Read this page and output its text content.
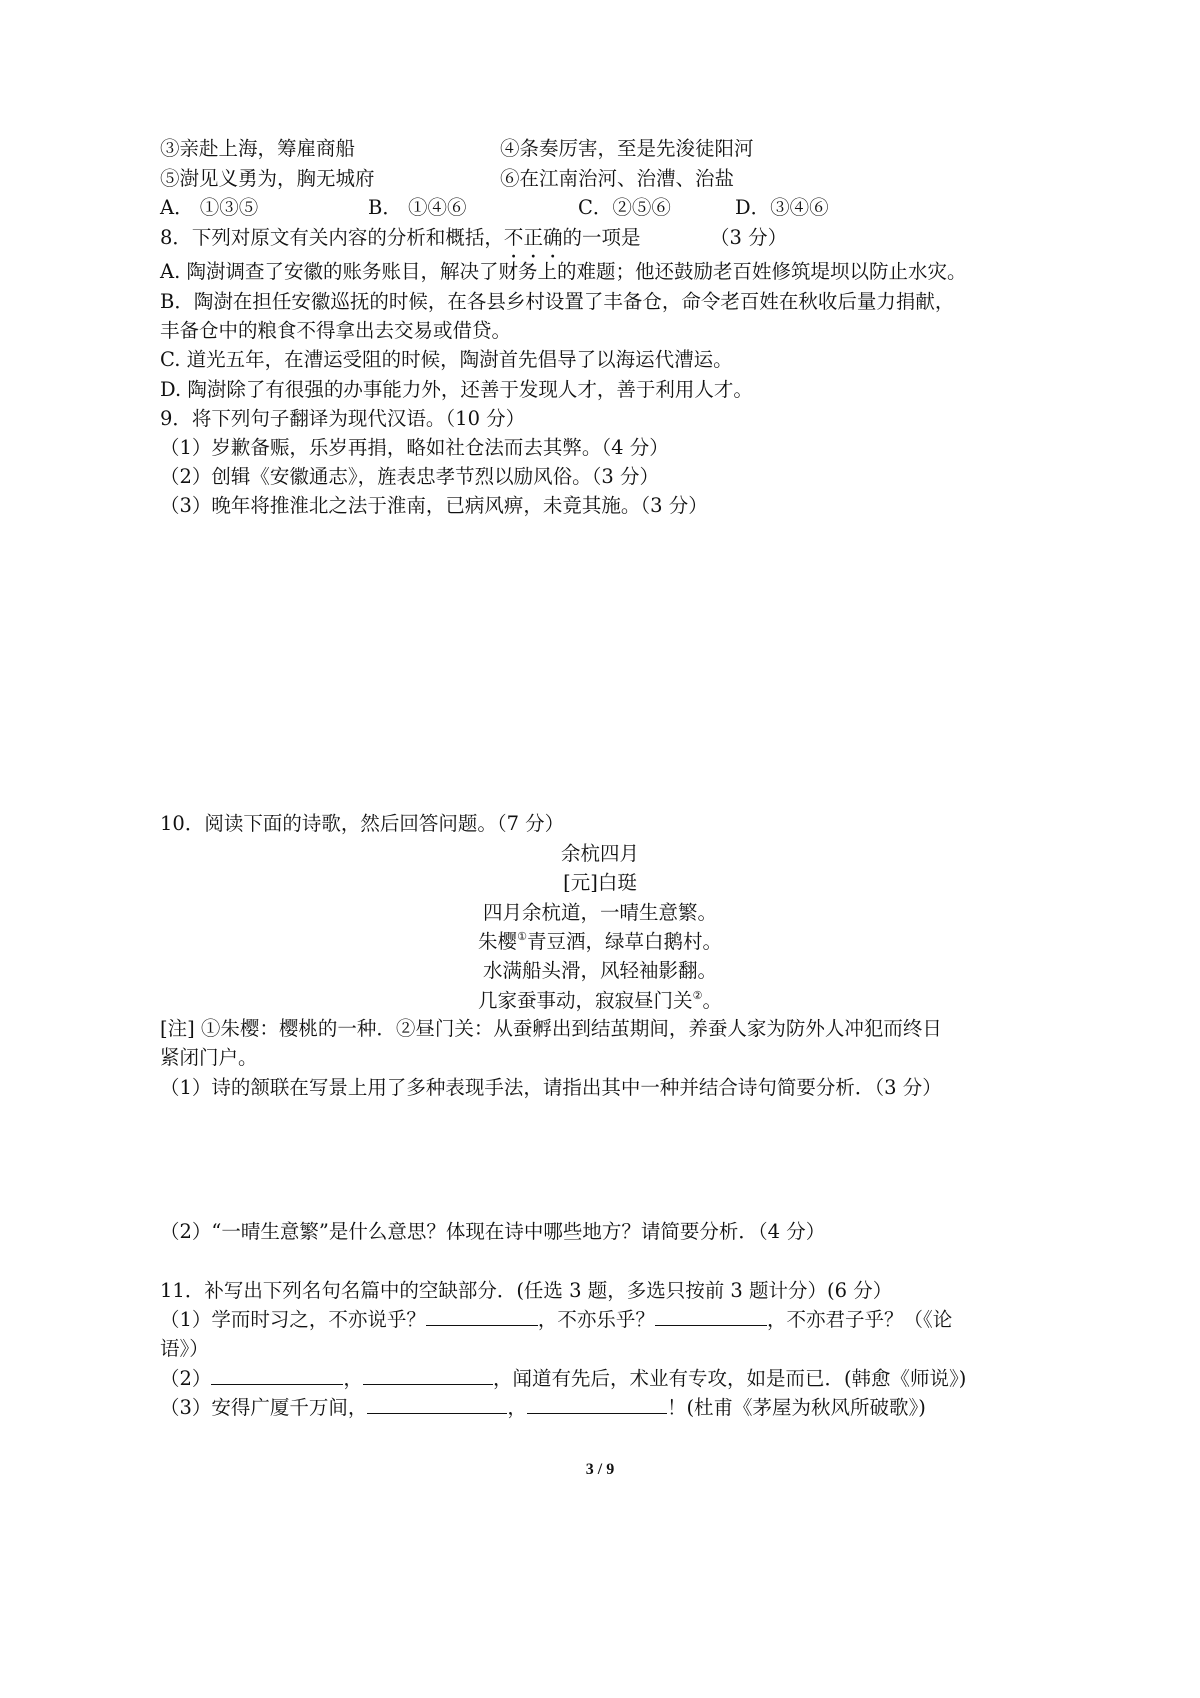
③亲赴上海，筹雇商船	④条奏厉害，至是先浚徒阳河
⑤澍见义勇为，胸无城府	⑥在江南治河、治漕、治盐
A． ①③⑤	B． ①④⑥	C．②⑤⑥	D．③④⑥
8．下列对原文有关内容的分析和概括，不正确的一项是	（3 分）
A. 陶澍调查了安徽的账务账目，解决了财务上的难题；他还鼓励老百姓修筑堤坝以防止水灾。
B．陶澍在担任安徽巡抚的时候，在各县乡村设置了丰备仓，命令老百姓在秋收后量力捐献，
丰备仓中的粮食不得拿出去交易或借贷。
C. 道光五年，在漕运受阻的时候，陶澍首先倡导了以海运代漕运。
D. 陶澍除了有很强的办事能力外，还善于发现人才，善于利用人才。
9．将下列句子翻译为现代汉语。（10 分）
（1）岁歉备赈，乐岁再捐，略如社仓法而去其弊。（4 分）
（2）创辑《安徽通志》，旌表忠孝节烈以励风俗。（3 分）
（3）晚年将推淮北之法于淮南，已病风痹，未竟其施。（3 分）
10．阅读下面的诗歌，然后回答问题。（7 分）
余杭四月
[元]白珽
四月余杭道，一晴生意繁。
朱樱①青豆酒，绿草白鹅村。
水满船头滑，风轻袖影翻。
几家蚕事动，寂寂昼门关②。
[注] ①朱樱：樱桃的一种．②昼门关：从蚕孵出到结茧期间，养蚕人家为防外人冲犯而终日
紧闭门户。
（1）诗的颔联在写景上用了多种表现手法，请指出其中一种并结合诗句简要分析．（3 分）
（2）“一晴生意繁”是什么意思？体现在诗中哪些地方？请简要分析．（4 分）
11．补写出下列名句名篇中的空缺部分．(任选 3 题，多选只按前 3 题计分）(6 分）
（1）学而时习之，不亦说乎？	，不亦乐乎？	，不亦君子乎？（《论
语》）
（2）	，	，闻道有先后，术业有专攻，如是而已．(韩愈《师说》)
（3）安得广厦千万间，	，	！(杜甫《茅屋为秋风所破歌》)
3 / 9
